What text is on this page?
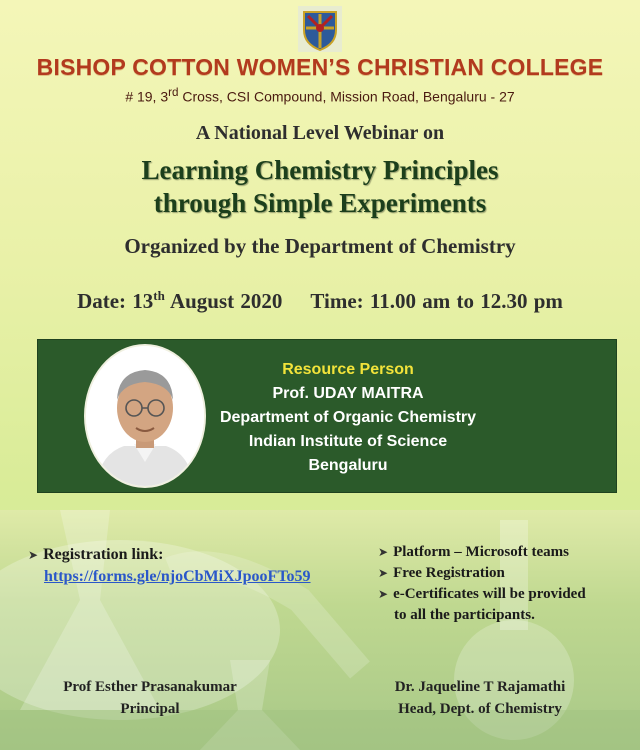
BISHOP COTTON WOMEN’S CHRISTIAN COLLEGE
# 19, 3rd Cross, CSI Compound, Mission Road, Bengaluru - 27
A National Level Webinar on
Learning Chemistry Principles
through Simple Experiments
Organized by the Department of Chemistry
Date: 13th August 2020 Time: 11.00 am to 12.30 pm
Resource Person
Prof. UDAY MAITRA
Department of Organic Chemistry
Indian Institute of Science
Bengaluru
➤ Registration link:
https://forms.gle/njoCbMiXJpooFTo59
➤ Platform – Microsoft teams
➤ Free Registration
➤ e-Certificates will be provided
to all the participants.
Prof Esther Prasanakumar
Principal
Dr. Jaqueline T Rajamathi
Head, Dept. of Chemistry
